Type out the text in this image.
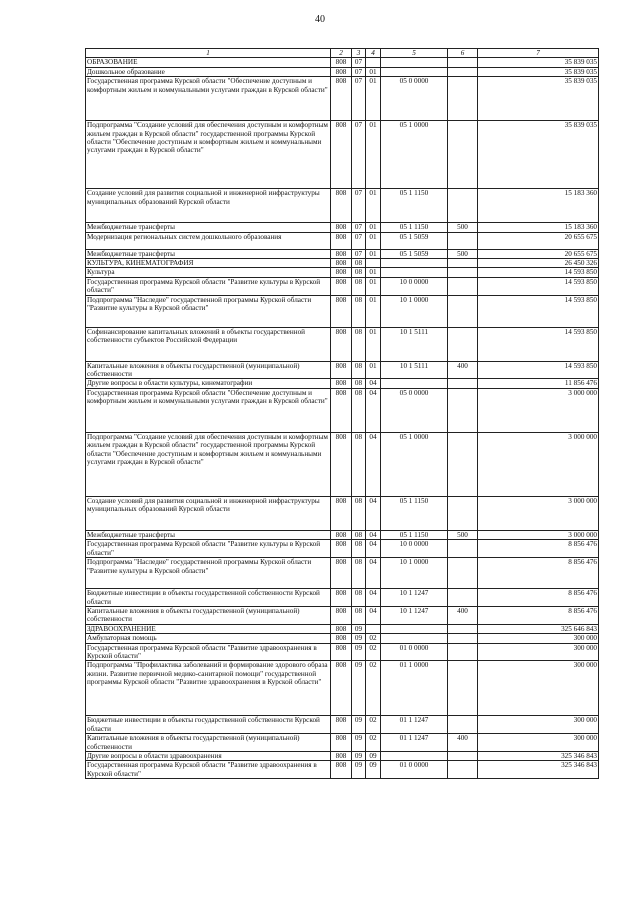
40
1	2	3	4	5	6	7
ОБРАЗОВАНИЕ	808	07				35 839 035
Дошкольное образование	808	07	01			35 839 035
Государственная программа Курской области "Обеспечение доступным и комфортным жильем и коммунальными услугами граждан в Курской области"	808	07	01	05 0 0000		35 839 035
Подпрограмма "Создание условий для обеспечения доступным и комфортным жильем граждан в Курской области" государственной программы Курской области "Обеспечение доступным и комфортным жильем и коммунальными услугами граждан в Курской области"	808	07	01	05 1 0000		35 839 035
Создание условий для развития социальной и инженерной инфраструктуры муниципальных образований Курской области	808	07	01	05 1 1150		15 183 360
Межбюджетные трансферты	808	07	01	05 1 1150	500	15 183 360
Модернизация региональных систем дошкольного образования	808	07	01	05 1 5059		20 655 675
Межбюджетные трансферты	808	07	01	05 1 5059	500	20 655 675
КУЛЬТУРА, КИНЕМАТОГРАФИЯ	808	08				26 450 326
Культура	808	08	01			14 593 850
Государственная программа Курской области "Развитие культуры в Курской области"	808	08	01	10 0 0000		14 593 850
Подпрограмма "Наследие" государственной программы Курской области "Развитие культуры в Курской области"	808	08	01	10 1 0000		14 593 850
Софинансирование капитальных вложений в объекты государственной собственности субъектов Российской Федерации	808	08	01	10 1 5111		14 593 850
Капитальные вложения в объекты государственной (муниципальной) собственности	808	08	01	10 1 5111	400	14 593 850
Другие вопросы в области культуры, кинематографии	808	08	04			11 856 476
Государственная программа Курской области "Обеспечение доступным и комфортным жильем и коммунальными услугами граждан в Курской области"	808	08	04	05 0 0000		3 000 000
Подпрограмма "Создание условий для обеспечения доступным и комфортным жильем граждан в Курской области" государственной программы Курской области "Обеспечение доступным и комфортным жильем и коммунальными услугами граждан в Курской области"	808	08	04	05 1 0000		3 000 000
Создание условий для развития социальной и инженерной инфраструктуры муниципальных образований Курской области	808	08	04	05 1 1150		3 000 000
Межбюджетные трансферты	808	08	04	05 1 1150	500	3 000 000
Государственная программа Курской области "Развитие культуры в Курской области"	808	08	04	10 0 0000		8 856 476
Подпрограмма "Наследие" государственной программы Курской области "Развитие культуры в Курской области"	808	08	04	10 1 0000		8 856 476
Бюджетные инвестиции в объекты государственной собственности Курской области	808	08	04	10 1 1247		8 856 476
Капитальные вложения в объекты государственной (муниципальной) собственности	808	08	04	10 1 1247	400	8 856 476
ЗДРАВООХРАНЕНИЕ	808	09				325 646 843
Амбулаторная помощь	808	09	02			300 000
Государственная программа Курской области "Развитие здравоохранения в Курской области"	808	09	02	01 0 0000		300 000
Подпрограмма "Профилактика заболеваний и формирование здорового образа жизни. Развитие первичной медико-санитарной помощи" государственной программы Курской области "Развитие здравоохранения в Курской области"	808	09	02	01 1 0000		300 000
Бюджетные инвестиции в объекты государственной собственности Курской области	808	09	02	01 1 1247		300 000
Капитальные вложения в объекты государственной (муниципальной) собственности	808	09	02	01 1 1247	400	300 000
Другие вопросы в области здравоохранения	808	09	09			325 346 843
Государственная программа Курской области "Развитие здравоохранения в Курской области"	808	09	09	01 0 0000		325 346 843
